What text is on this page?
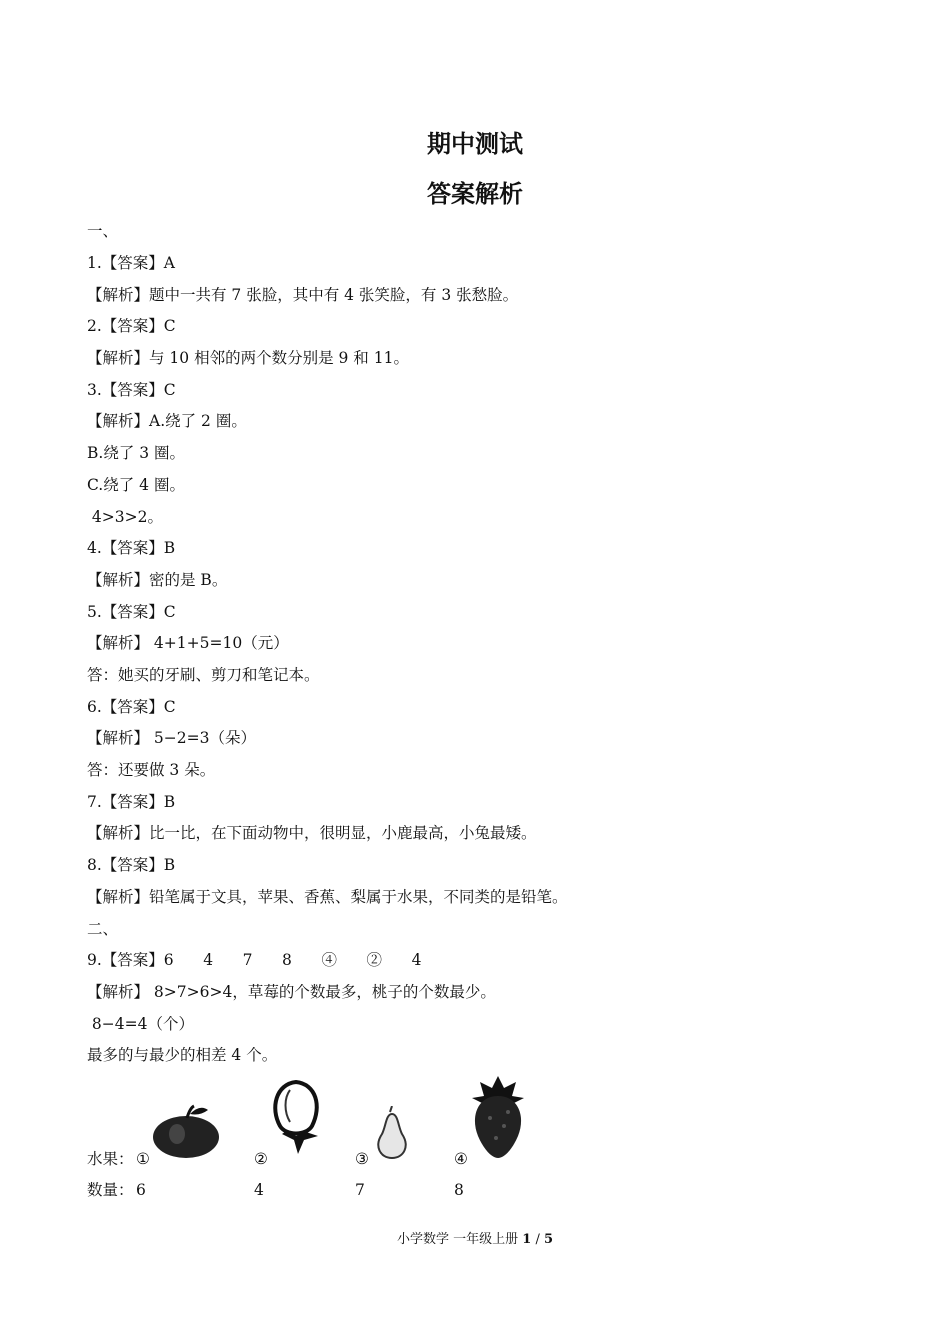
期中测试
答案解析
一、
1.【答案】A
【解析】题中一共有 7 张脸，其中有 4 张笑脸，有 3 张愁脸。
2.【答案】C
【解析】与 10 相邻的两个数分别是 9 和 11。
3.【答案】C
【解析】A.绕了 2 圈。
B.绕了 3 圈。
C.绕了 4 圈。
4>3>2。
4.【答案】B
【解析】密的是 B。
5.【答案】C
【解析】 4+1+5=10（元）
答：她买的牙刷、剪刀和笔记本。
6.【答案】C
【解析】 5−2=3（朵）
答：还要做 3 朵。
7.【答案】B
【解析】比一比，在下面动物中，很明显，小鹿最高，小兔最矮。
8.【答案】B
【解析】铅笔属于文具，苹果、香蕉、梨属于水果，不同类的是铅笔。
二、
9.【答案】6      4      7      8      ④      ②      4
【解析】 8>7>6>4，草莓的个数最多，桃子的个数最少。
8−4=4（个）
最多的与最少的相差 4 个。
水果： ①	②	③	④
数量： 6	4	7	8
小学数学 一年级上册 1 / 5
